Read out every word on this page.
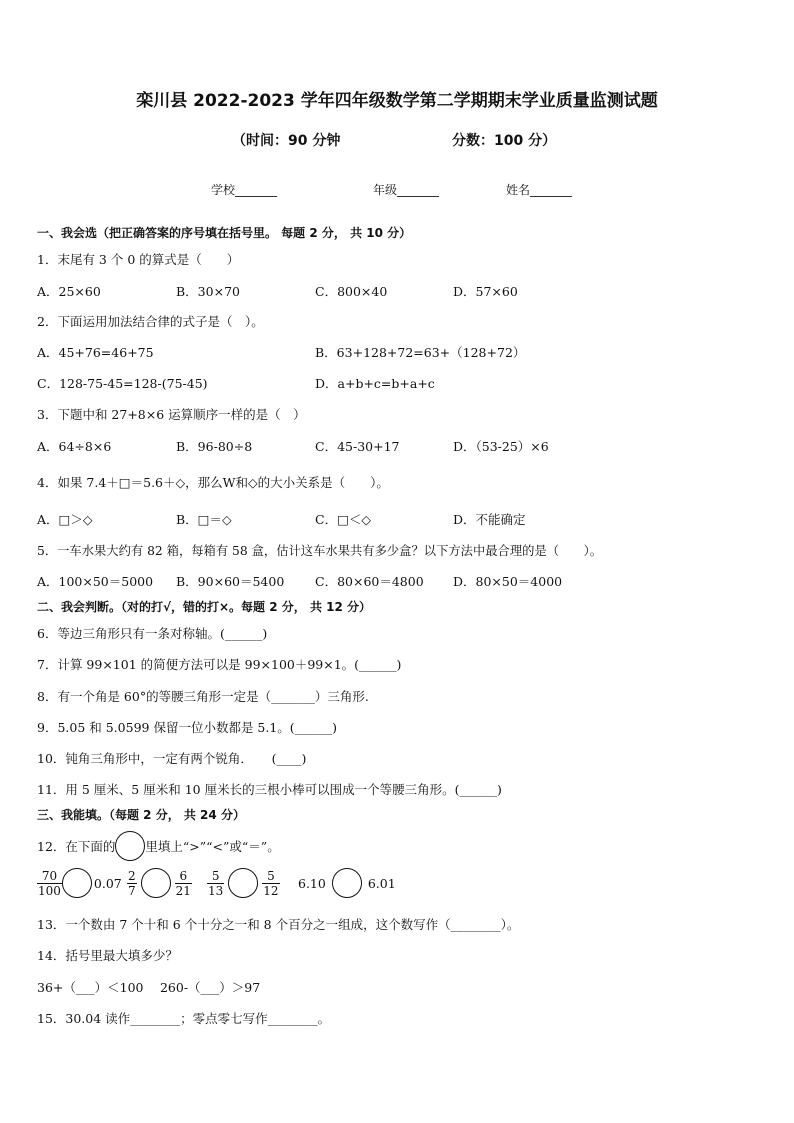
栾川县 2022-2023 学年四年级数学第二学期期末学业质量监测试题
（时间：90 分钟	分数：100 分）
学校_______	年级_______	姓名_______
一、我会选（把正确答案的序号填在括号里。 每题 2 分， 共 10 分）
1．末尾有 3 个 0 的算式是（　　）
A．25×60	B．30×70	C．800×40	D．57×60
2．下面运用加法结合律的式子是（　）。
A．45+76=46+75	B．63+128+72=63+（128+72）
C．128-75-45=128-(75-45)	D．a+b+c=b+a+c
3．下题中和 27+8×6 运算顺序一样的是（　）
A．64÷8×6	B．96-80÷8	C．45-30+17	D．（53-25）×6
4．如果 7.4＋□＝5.6＋◇，那么W和◇的大小关系是（　　）。
A．□＞◇	B．□＝◇	C．□＜◇	D．不能确定
5．一车水果大约有 82 箱，每箱有 58 盒，估计这车水果共有多少盒？以下方法中最合理的是（　　）。
A．100×50＝5000 B．90×60＝5400 C．80×60＝4800 D．80×50＝4000
二、我会判断。（对的打√，错的打×。每题 2 分， 共 12 分）
6．等边三角形只有一条对称轴。(______)
7．计算 99×101 的简便方法可以是 99×100＋99×1。(______)
8．有一个角是 60°的等腰三角形一定是（_______）三角形.
9．5.05 和 5.0599 保留一位小数都是 5.1。(______)
10．钝角三角形中，一定有两个锐角．　　(____)
11．用 5 厘米、5 厘米和 10 厘米长的三根小棒可以围成一个等腰三角形。(______)
三、我能填。（每题 2 分， 共 24 分）
12．在下面的 里填上“>”“<”或“＝”。
$\frac{70}{100}$	$0.07 \frac{2}{7}$	$\frac{6}{21} \frac{5}{13}$	$\frac{5}{12} 6.10$	6.01
13．一个数由 7 个十和 6 个十分之一和 8 个百分之一组成，这个数写作（________）。
14．括号里最大填多少？
36+（___）＜100　 260-（___）＞97
15．30.04 读作________；零点零七写作________。
